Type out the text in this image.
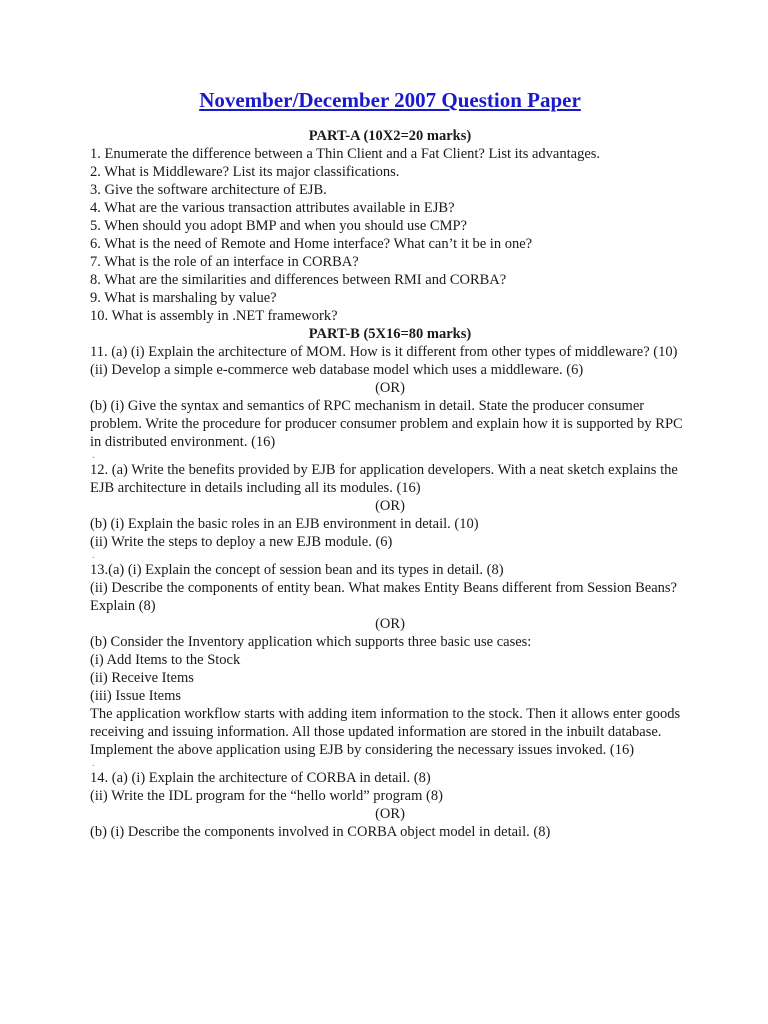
November/December 2007 Question Paper

PART-A (10X2=20 marks)

1. Enumerate the difference between a Thin Client and a Fat Client? List its advantages.

2. What is Middleware? List its major classifications.

3. Give the software architecture of EJB.

4. What are the various transaction attributes available in EJB?

5. When should you adopt BMP and when you should use CMP?

6. What is the need of Remote and Home interface? What can’t it be in one?

7. What is the role of an interface in CORBA?

8. What are the similarities and differences between RMI and CORBA?

9. What is marshaling by value?

10. What is assembly in .NET framework?

PART-B (5X16=80 marks)

11. (a) (i) Explain the architecture of MOM. How is it different from other types of middleware? (10)

(ii) Develop a simple e-commerce web database model which uses a middleware. (6)

(OR)

(b) (i) Give the syntax and semantics of RPC mechanism in detail. State the producer consumer problem. Write the procedure for producer consumer problem and explain how it is supported by RPC in distributed environment. (16)

.

12. (a) Write the benefits provided by EJB for application developers. With a neat sketch explains the EJB architecture in details including all its modules. (16)

(OR)

(b) (i) Explain the basic roles in an EJB environment in detail. (10)

(ii) Write the steps to deploy a new EJB module. (6)

.

13.(a) (i) Explain the concept of session bean and its types in detail. (8)

(ii) Describe the components of entity bean. What makes Entity Beans different from Session Beans? Explain (8)

(OR)

(b) Consider the Inventory application which supports three basic use cases:

(i) Add Items to the Stock

(ii) Receive Items

(iii) Issue Items

The application workflow starts with adding item information to the stock. Then it allows enter goods receiving and issuing information. All those updated information are stored in the inbuilt database. Implement the above application using EJB by considering the necessary issues invoked. (16)

.

14. (a) (i) Explain the architecture of CORBA in detail. (8)

(ii) Write the IDL program for the “hello world” program (8)

(OR)

(b) (i) Describe the components involved in CORBA object model in detail. (8)
